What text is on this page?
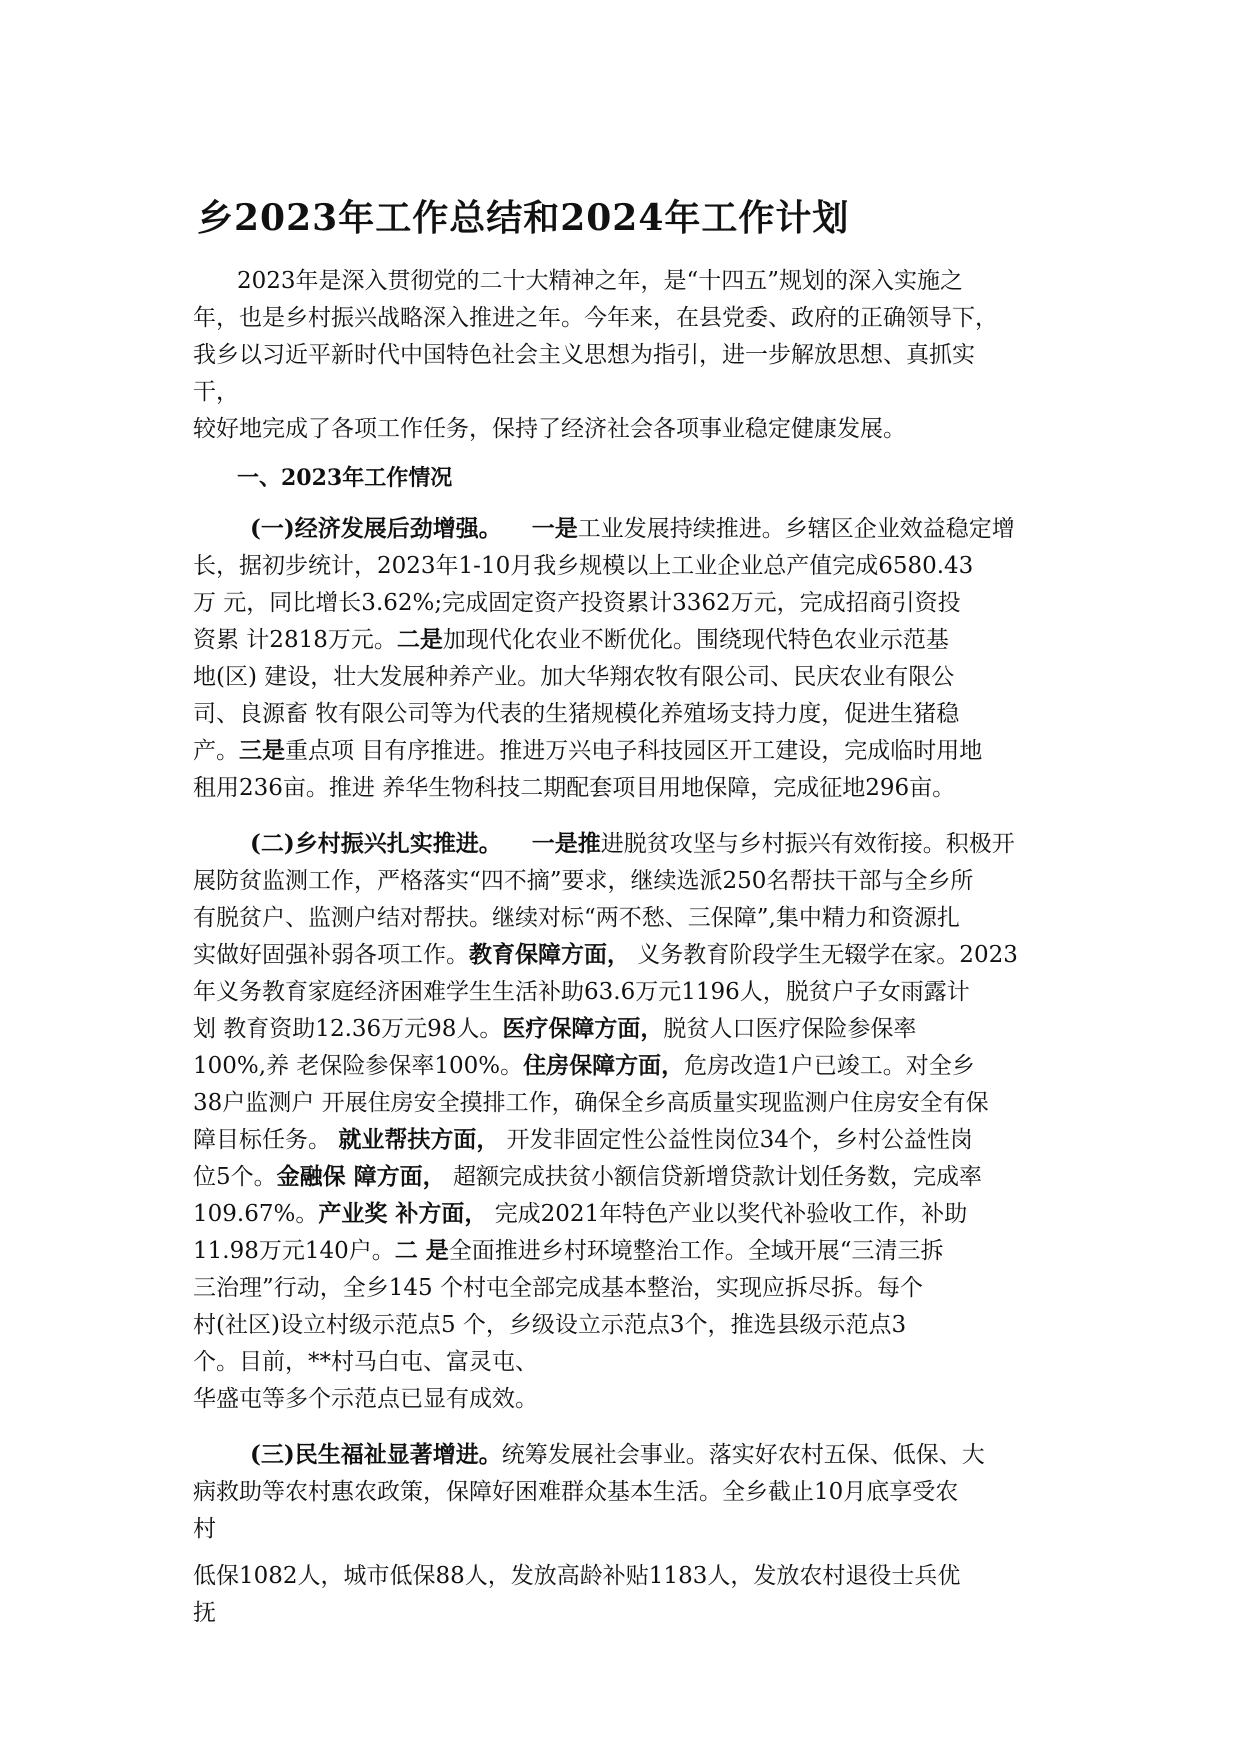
乡2023年工作总结和2024年工作计划
2023年是深入贯彻党的二十大精神之年，是“十四五”规划的深入实施之
年，也是乡村振兴战略深入推进之年。今年来，在县党委、政府的正确领导下，
我乡以习近平新时代中国特色社会主义思想为指引，进一步解放思想、真抓实
干，
较好地完成了各项工作任务，保持了经济社会各项事业稳定健康发展。
一、2023年工作情况
(一)经济发展后劲增强。 一是工业发展持续推进。乡辖区企业效益稳定增
长，据初步统计，2023年1-10月我乡规模以上工业企业总产值完成6580.43
万 元，同比增长3.62%;完成固定资产投资累计3362万元，完成招商引资投
资累 计2818万元。二是加现代化农业不断优化。围绕现代特色农业示范基
地(区) 建设，壮大发展种养产业。加大华翔农牧有限公司、民庆农业有限公
司、良源畜 牧有限公司等为代表的生猪规模化养殖场支持力度，促进生猪稳
产。三是重点项 目有序推进。推进万兴电子科技园区开工建设，完成临时用地
租用236亩。推进 养华生物科技二期配套项目用地保障，完成征地296亩。
(二)乡村振兴扎实推进。 一是推进脱贫攻坚与乡村振兴有效衔接。积极开
展防贫监测工作，严格落实“四不摘”要求，继续选派250名帮扶干部与全乡所
有脱贫户、监测户结对帮扶。继续对标“两不愁、三保障”,集中精力和资源扎
实做好固强补弱各项工作。教育保障方面， 义务教育阶段学生无辍学在家。2023
年义务教育家庭经济困难学生生活补助63.6万元1196人，脱贫户子女雨露计
划 教育资助12.36万元98人。医疗保障方面，脱贫人口医疗保险参保率
100%,养 老保险参保率100%。住房保障方面，危房改造1户已竣工。对全乡
38户监测户 开展住房安全摸排工作，确保全乡高质量实现监测户住房安全有保
障目标任务。 就业帮扶方面， 开发非固定性公益性岗位34个，乡村公益性岗
位5个。金融保 障方面， 超额完成扶贫小额信贷新增贷款计划任务数，完成率
109.67%。产业奖 补方面， 完成2021年特色产业以奖代补验收工作，补助
11.98万元140户。二 是全面推进乡村环境整治工作。全域开展“三清三拆
三治理”行动，全乡145 个村屯全部完成基本整治，实现应拆尽拆。每个
村(社区)设立村级示范点5 个，乡级设立示范点3个，推选县级示范点3
个。目前，**村马白屯、富灵屯、
华盛屯等多个示范点已显有成效。
(三)民生福祉显著增进。统筹发展社会事业。落实好农村五保、低保、大
病救助等农村惠农政策，保障好困难群众基本生活。全乡截止10月底享受农
村
低保1082人，城市低保88人，发放高龄补贴1183人，发放农村退役士兵优
抚
